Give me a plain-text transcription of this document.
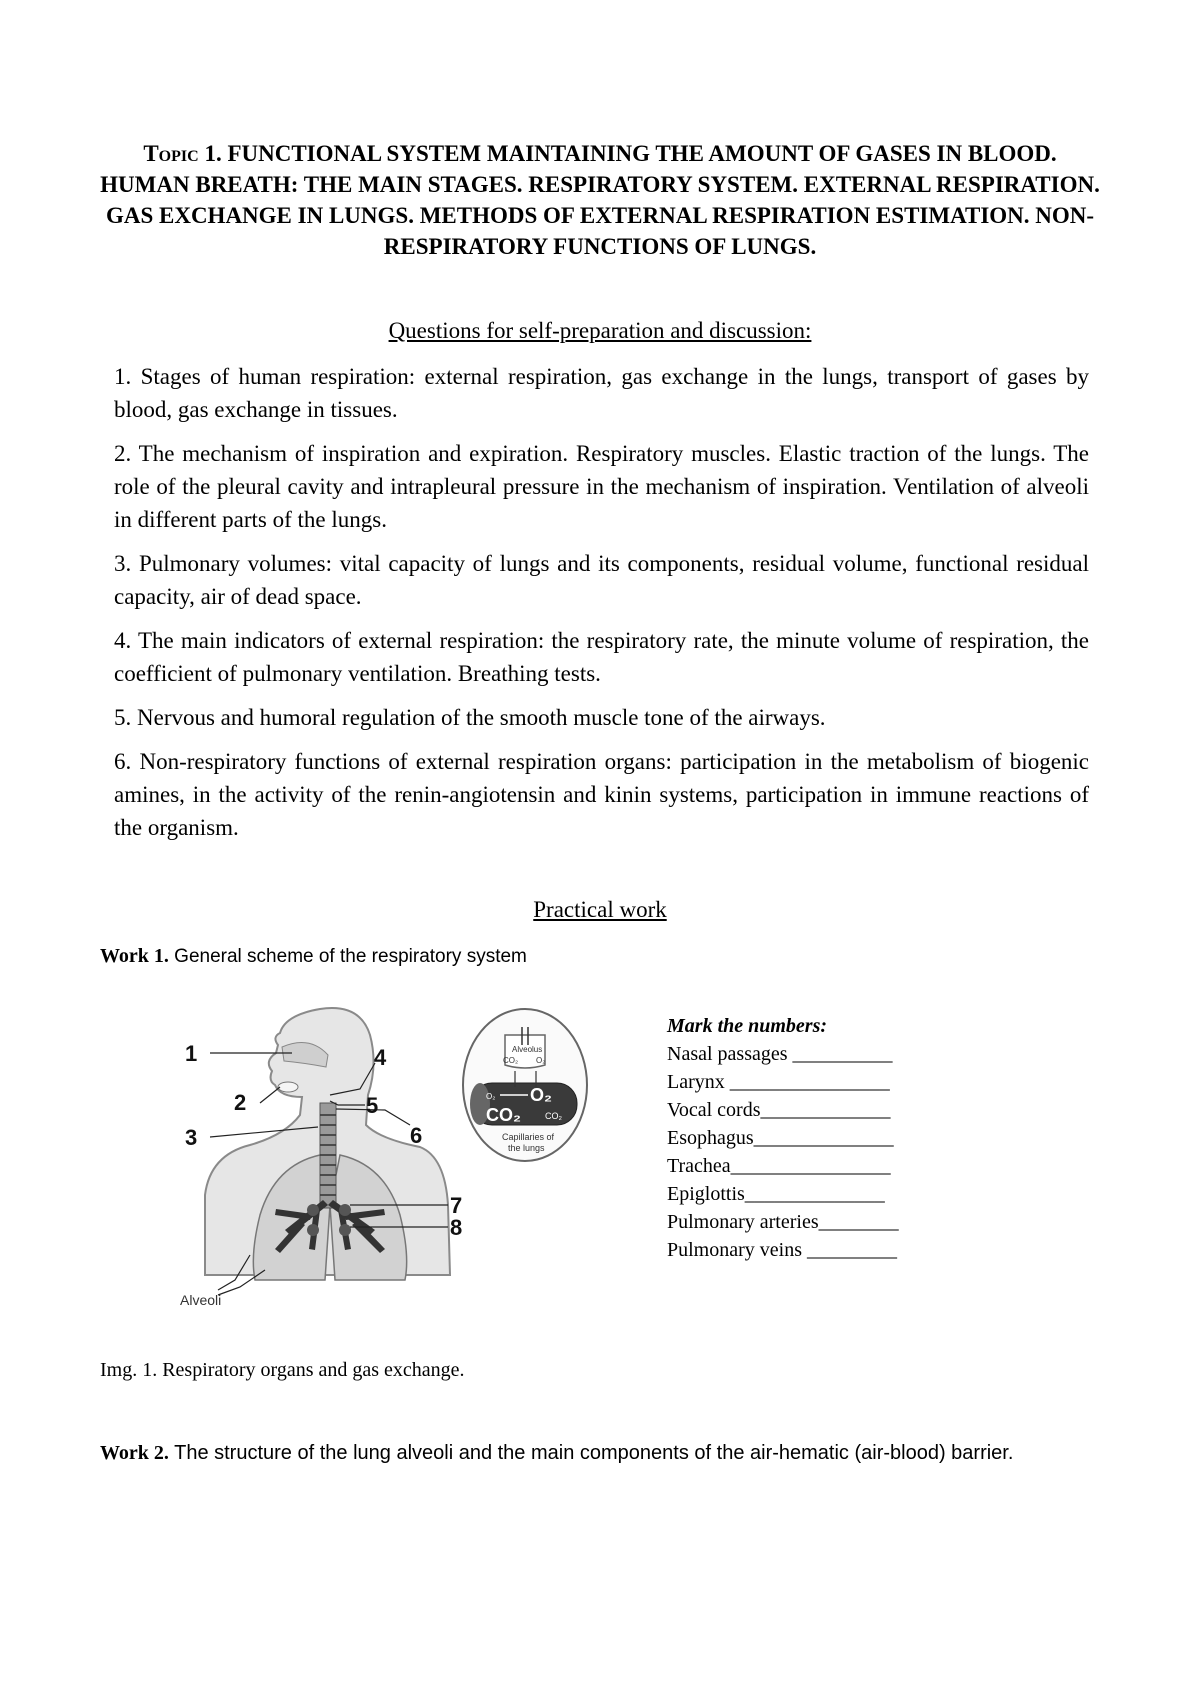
Topic 1. FUNCTIONAL SYSTEM MAINTAINING THE AMOUNT OF GASES IN BLOOD. HUMAN BREATH: THE MAIN STAGES. RESPIRATORY SYSTEM. EXTERNAL RESPIRATION. GAS EXCHANGE IN LUNGS. METHODS OF EXTERNAL RESPIRATION ESTIMATION. NON-RESPIRATORY FUNCTIONS OF LUNGS.
Questions for self-preparation and discussion:

1. Stages of human respiration: external respiration, gas exchange in the lungs, transport of gases by blood, gas exchange in tissues.

2. The mechanism of inspiration and expiration. Respiratory muscles. Elastic traction of the lungs. The role of the pleural cavity and intrapleural pressure in the mechanism of inspiration. Ventilation of alveoli in different parts of the lungs.

3. Pulmonary volumes: vital capacity of lungs and its components, residual volume, functional residual capacity, air of dead space.

4. The main indicators of external respiration: the respiratory rate, the minute volume of respiration, the coefficient of pulmonary ventilation. Breathing tests.

5. Nervous and humoral regulation of the smooth muscle tone of the airways.

6. Non-respiratory functions of external respiration organs: participation in the metabolism of biogenic amines, in the activity of the renin-angiotensin and kinin systems, participation in immune reactions of the organism.

Practical work
Work 1. General scheme of the respiratory system
1
2
3
4
5
6
7
8
Alveoli
Alveolus
CO₂ O₂
O₂ O₂
CO₂	CO₂
Capillaries of
the lungs
Mark the numbers:
Nasal passages __________
Larynx ________________
Vocal cords_____________
Esophagus______________
Trachea________________
Epiglottis______________
Pulmonary arteries________
Pulmonary veins _________
Img. 1. Respiratory organs and gas exchange.
Work 2. The structure of the lung alveoli and the main components of the air-hematic (air-blood) barrier.
